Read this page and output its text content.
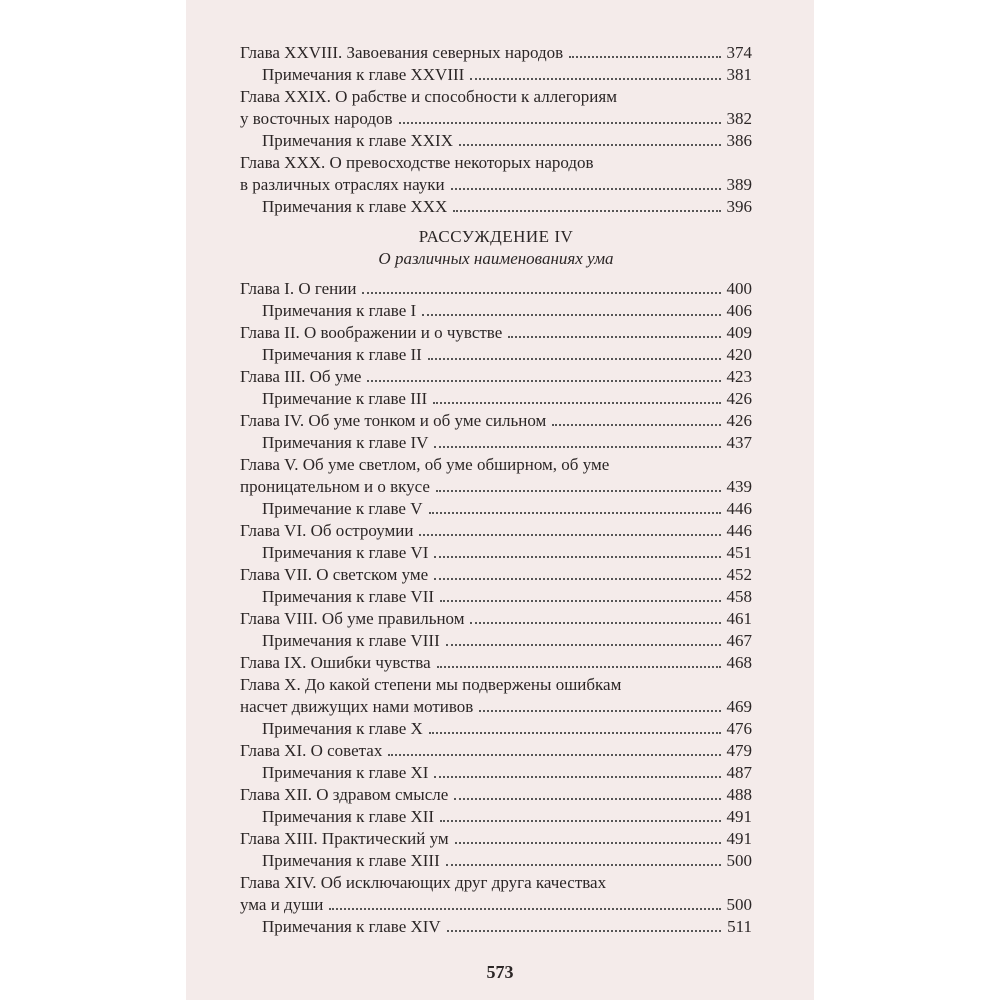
Глава XXVIII. Завоевания северных народов	374
Примечания к главе XXVIII	381
Глава XXIX. О рабстве и способности к аллегориям
у восточных народов	382
Примечания к главе XXIX	386
Глава XXX. О превосходстве некоторых народов
в различных отраслях науки	389
Примечания к главе XXX	396
РАССУЖДЕНИЕ IV
О различных наименованиях ума
Глава I. О гении	400
Примечания к главе I	406
Глава II. О воображении и о чувстве	409
Примечания к главе II	420
Глава III. Об уме	423
Примечание к главе III	426
Глава IV. Об уме тонком и об уме сильном	426
Примечания к главе IV	437
Глава V. Об уме светлом, об уме обширном, об уме
проницательном и о вкусе	439
Примечание к главе V	446
Глава VI. Об остроумии	446
Примечания к главе VI	451
Глава VII. О светском уме	452
Примечания к главе VII	458
Глава VIII. Об уме правильном	461
Примечания к главе VIII	467
Глава IX. Ошибки чувства	468
Глава X. До какой степени мы подвержены ошибкам
насчет движущих нами мотивов	469
Примечания к главе X	476
Глава XI. О советах	479
Примечания к главе XI	487
Глава XII. О здравом смысле	488
Примечания к главе XII	491
Глава XIII. Практический ум	491
Примечания к главе XIII	500
Глава XIV. Об исключающих друг друга качествах
ума и души	500
Примечания к главе XIV	511
573
